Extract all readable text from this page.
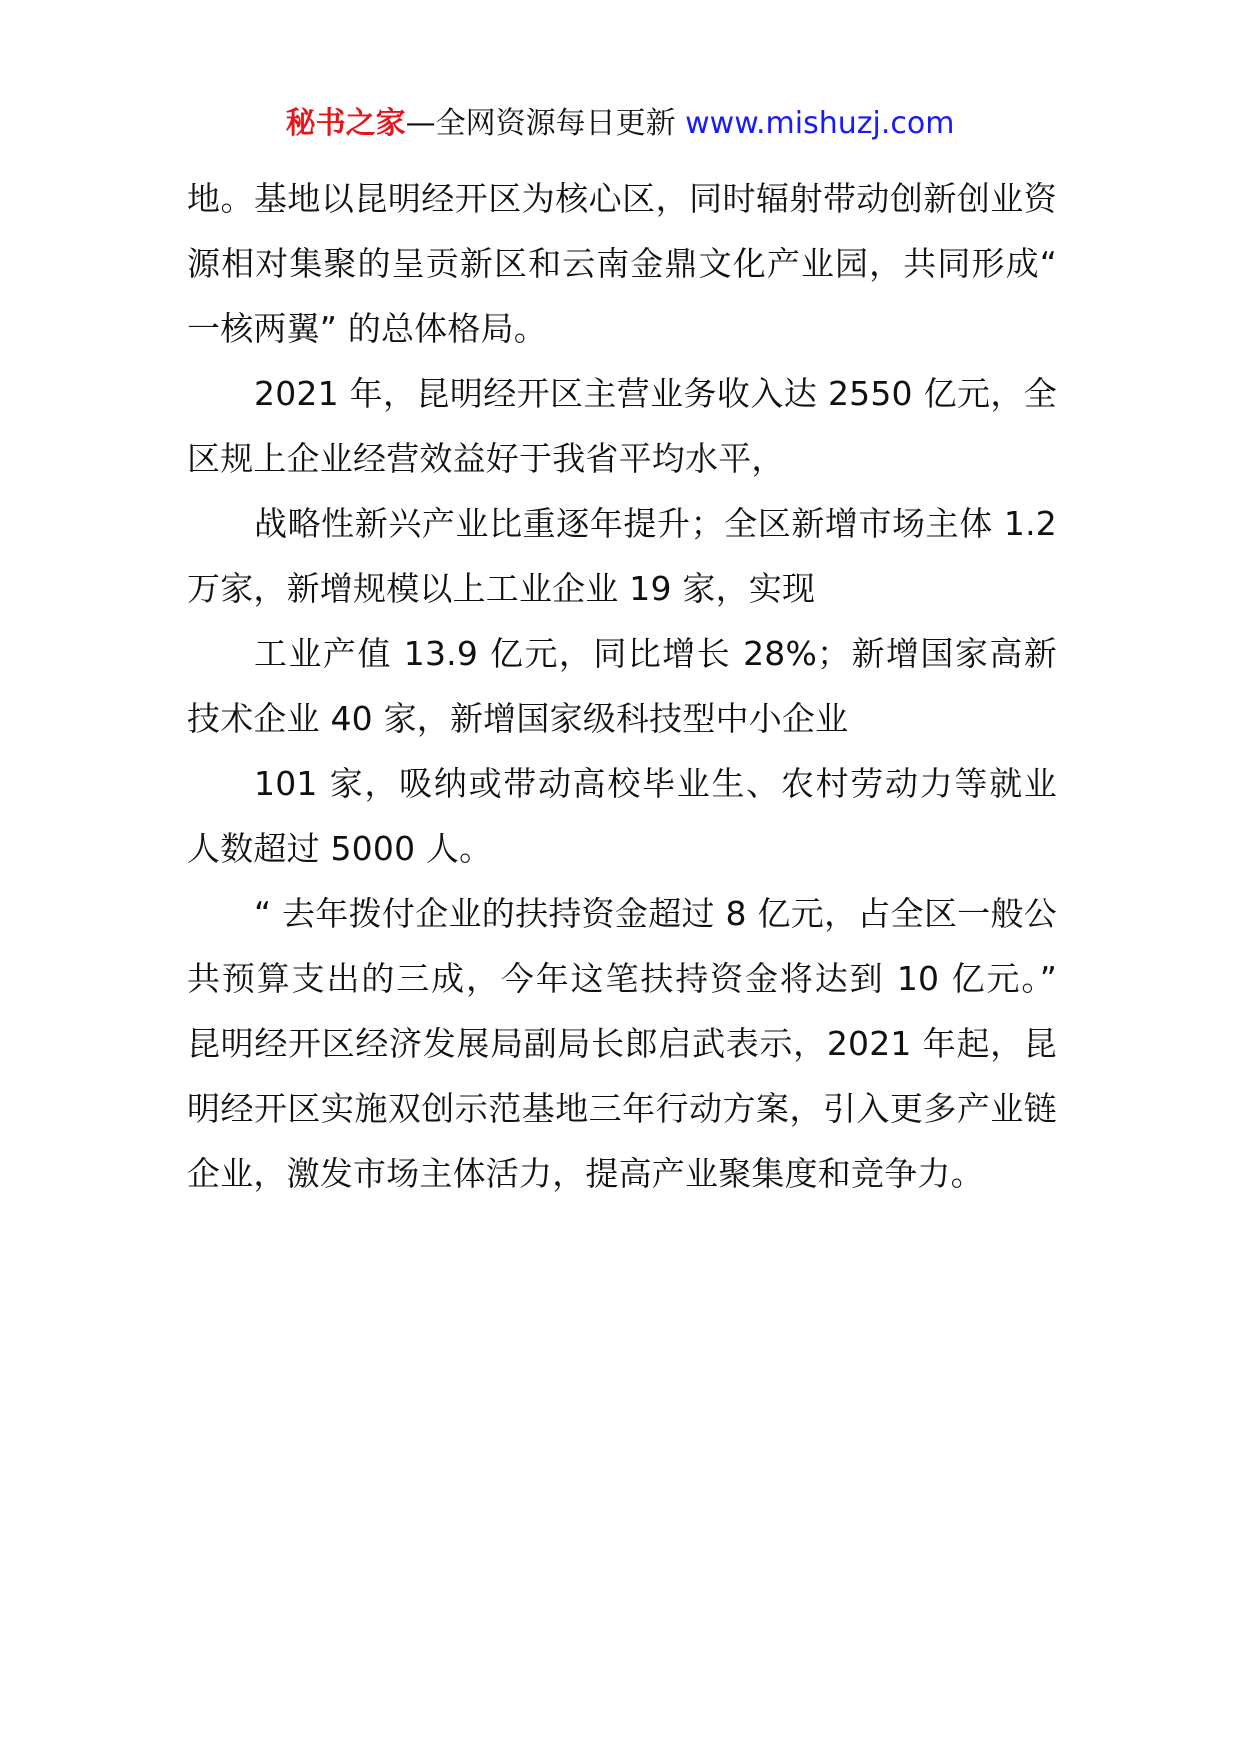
秘书之家—全网资源每日更新 www.mishuzj.com

地。基地以昆明经开区为核心区，同时辐射带动创新创业资源相对集聚的呈贡新区和云南金鼎文化产业园，共同形成“ 一核两翼” 的总体格局。

2021 年，昆明经开区主营业务收入达 2550 亿元，全区规上企业经营效益好于我省平均水平，

战略性新兴产业比重逐年提升；全区新增市场主体 1.2 万家，新增规模以上工业企业 19 家，实现

工业产值 13.9 亿元，同比增长 28%；新增国家高新技术企业 40 家，新增国家级科技型中小企业

101 家，吸纳或带动高校毕业生、农村劳动力等就业人数超过 5000 人。

“ 去年拨付企业的扶持资金超过 8 亿元，占全区一般公共预算支出的三成，今年这笔扶持资金将达到 10 亿元。” 昆明经开区经济发展局副局长郎启武表示，2021 年起，昆明经开区实施双创示范基地三年行动方案，引入更多产业链企业，激发市场主体活力，提高产业聚集度和竞争力。
